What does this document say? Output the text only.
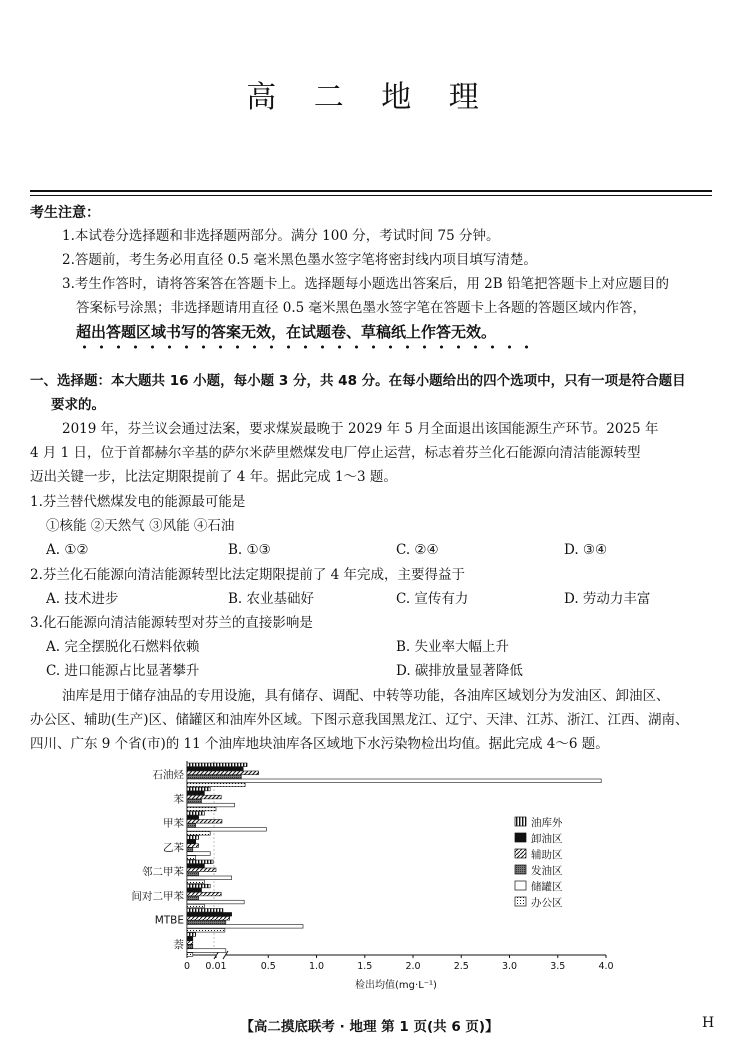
高 二 地 理
考生注意：
1.本试卷分选择题和非选择题两部分。满分 100 分，考试时间 75 分钟。
2.答题前，考生务必用直径 0.5 毫米黑色墨水签字笔将密封线内项目填写清楚。
3.考生作答时，请将答案答在答题卡上。选择题每小题选出答案后，用 2B 铅笔把答题卡上对应题目的
答案标号涂黑；非选择题请用直径 0.5 毫米黑色墨水签字笔在答题卡上各题的答题区域内作答，
超出答题区域书写的答案无效，在试题卷、草稿纸上作答无效。
一、选择题：本大题共 16 小题，每小题 3 分，共 48 分。在每小题给出的四个选项中，只有一项是符合题目
要求的。
2019 年，芬兰议会通过法案，要求煤炭最晚于 2029 年 5 月全面退出该国能源生产环节。2025 年
4 月 1 日，位于首都赫尔辛基的萨尔米萨里燃煤发电厂停止运营，标志着芬兰化石能源向清洁能源转型
迈出关键一步，比法定期限提前了 4 年。据此完成 1～3 题。
1.芬兰替代燃煤发电的能源最可能是
①核能 ②天然气 ③风能 ④石油
A. ①②	B. ①③	C. ②④	D. ③④
2.芬兰化石能源向清洁能源转型比法定期限提前了 4 年完成，主要得益于
A. 技术进步	B. 农业基础好	C. 宣传有力	D. 劳动力丰富
3.化石能源向清洁能源转型对芬兰的直接影响是
A. 完全摆脱化石燃料依赖	B. 失业率大幅上升
C. 进口能源占比显著攀升	D. 碳排放量显著降低
油库是用于储存油品的专用设施，具有储存、调配、中转等功能，各油库区域划分为发油区、卸油区、
办公区、辅助(生产)区、储罐区和油库外区域。下图示意我国黑龙江、辽宁、天津、江苏、浙江、江西、湖南、
四川、广东 9 个省(市)的 11 个油库地块油库各区域地下水污染物检出均值。据此完成 4～6 题。
0 0.01	0.5	1.0	1.5	2.0	2.5	3.0	3.5	4.0
检出均值(mg·L⁻¹)
石油烃
苯
甲苯
乙苯
邻二甲苯
间对二甲苯
MTBE
萘
油库外
卸油区
辅助区
发油区
储罐区
办公区
【高二摸底联考 · 地理 第 1 页(共 6 页)】	H
